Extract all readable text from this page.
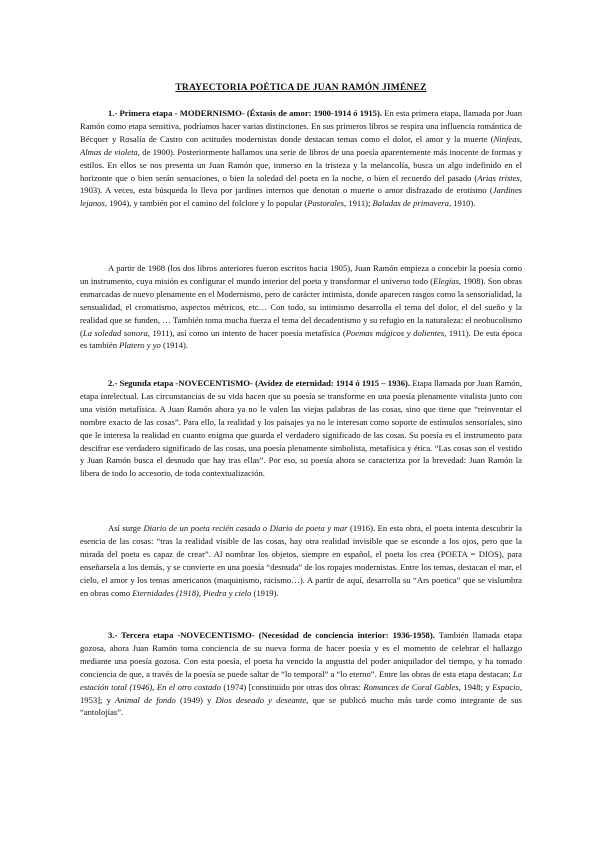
TRAYECTORIA POÉTICA DE JUAN RAMÓN JIMÉNEZ

1.- Primera etapa - MODERNISMO- (Éxtasis de amor: 1900-1914 ó 1915). En esta primera etapa, llamada por Juan Ramón como etapa sensitiva, podríamos hacer varias distinciones. En sus primeros libros se respira una influencia romántica de Bécquer y Rosalía de Castro con actitudes modernistas donde destacan temas como el dolor, el amor y la muerte (Ninfeas, Almas de violeta, de 1900). Posteriormente hallamos una serie de libros de una poesía aparentemente más inocente de formas y estilos. En ellos se nos presenta un Juan Ramón que, inmerso en la tristeza y la melancolía, busca un algo indefinido en el horizonte que o bien serán sensaciones, o bien la soledad del poeta en la noche, o bien el recuerdo del pasado (Arias tristes, 1903). A veces, esta búsqueda lo lleva por jardines internos que denotan o muerte o amor disfrazado de erotismo (Jardines lejanos, 1904), y también por el camino del folclore y lo popular (Pastorales, 1911); Baladas de primavera, 1910).

A partir de 1908 (los dos libros anteriores fueron escritos hacia 1905), Juan Ramón empieza a concebir la poesía como un instrumento, cuya misión es configurar el mundo interior del poeta y transformar el universo todo (Elegías, 1908). Son obras enmarcadas de nuevo plenamente en el Modernismo, pero de carácter intimista, donde aparecen rasgos como la sensorialidad, la sensualidad, el cromatismo, aspectos métricos, etc… Con todo, su intimismo desarrolla el tema del dolor, el del sueño y la realidad que se funden, … También toma mucha fuerza el tema del decadentismo y su refugio en la naturaleza: el neobucolismo (La soledad sonora, 1911), así como un intento de hacer poesía metafísica (Poemas mágicos y dolientes, 1911). De esta época es también Platero y yo (1914).

2.- Segunda etapa -NOVECENTISMO- (Avidez de eternidad: 1914 ó 1915 – 1936). Etapa llamada por Juan Ramón, etapa intelectual. Las circunstancias de su vida hacen que su poesía se transforme en una poesía plenamente vitalista junto con una visión metafísica. A Juan Ramón ahora ya no le valen las viejas palabras de las cosas, sino que tiene que “reinventar el nombre exacto de las cosas”. Para ello, la realidad y los paisajes ya no le interesan como soporte de estímulos sensoriales, sino que le interesa la realidad en cuanto enigma que guarda el verdadero significado de las cosas. Su poesía es el instrumento para descifrar ese verdadero significado de las cosas, una poesía plenamente simbolista, metafísica y ética. “Las cosas son el vestido y Juan Ramón busca el desnudo que hay tras ellas”. Por eso, su poesía ahora se caracteriza por la brevedad: Juan Ramón la libera de todo lo accesorio, de toda contextualización.

Así surge Diario de un poeta recién casado o Diario de poeta y mar (1916). En esta obra, el poeta intenta descubrir la esencia de las cosas: “tras la realidad visible de las cosas, hay otra realidad invisible que se esconde a los ojos, pero que la mirada del poeta es capaz de crear”. Al nombrar los objetos, siempre en español, el poeta los crea (POETA = DIOS), para enseñarsela a los demás, y se convierte en una poesía “desnuda” de los ropajes modernistas. Entre los temas, destacan el mar, el cielo, el amor y los temas americanos (maquinismo, racismo…). A partir de aquí, desarrolla su “Ars poetica” que se vislumbra en obras como Eternidades (1918), Piedra y cielo (1919).

3.- Tercera etapa -NOVECENTISMO- (Necesidad de conciencia interior: 1936-1958). También llamada etapa gozosa, ahora Juan Ramón toma conciencia de su nueva forma de hacer poesía y es el momento de celebrar el hallazgo mediante una poesía gozosa. Con esta poesía, el poeta ha vencido la angustia del poder aniquilador del tiempo, y ha tomado conciencia de que, a través de la poesía se puede saltar de “lo temporal” a “lo eterno”. Entre las obras de esta etapa destacan: La estación total (1946), En el otro costado (1974) [constituido por otras dos obras: Romances de Coral Gables, 1948; y Espacio, 1953]; y Animal de fondo (1949) y Dios deseado y deseante, que se publicó mucho más tarde como integrante de sus “antolojías”.
